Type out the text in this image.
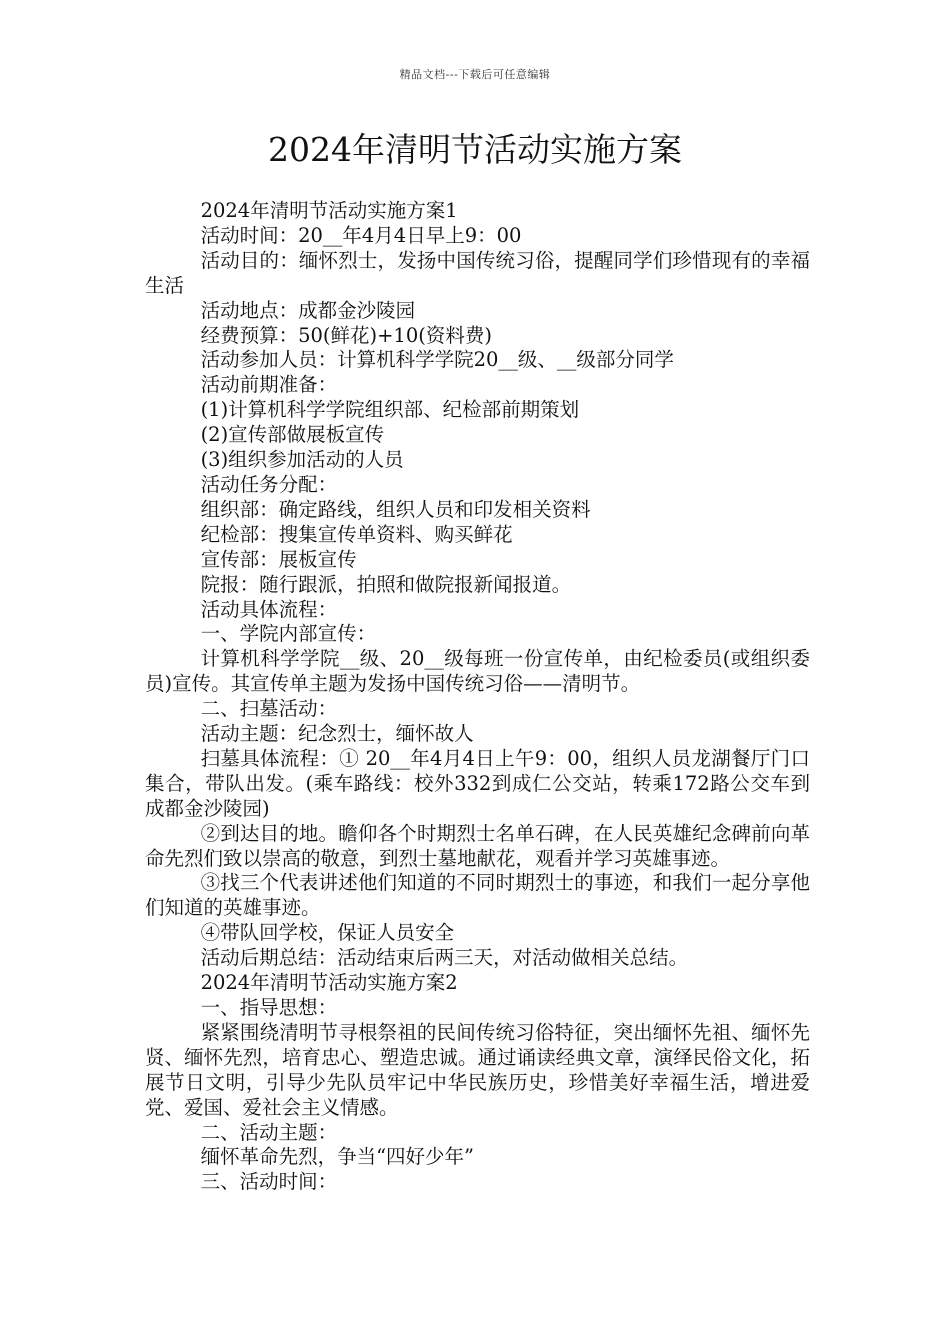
精品文档---下载后可任意编辑
2024年清明节活动实施方案

2024年清明节活动实施方案1

活动时间：20__年4月4日早上9：00

活动目的：缅怀烈士，发扬中国传统习俗，提醒同学们珍惜现有的幸福生活

活动地点：成都金沙陵园

经费预算：50(鲜花)+10(资料费)

活动参加人员：计算机科学学院20__级、__级部分同学

活动前期准备：

(1)计算机科学学院组织部、纪检部前期策划

(2)宣传部做展板宣传

(3)组织参加活动的人员

活动任务分配：

组织部：确定路线，组织人员和印发相关资料

纪检部：搜集宣传单资料、购买鲜花

宣传部：展板宣传

院报：随行跟派，拍照和做院报新闻报道。

活动具体流程：

一、学院内部宣传：

计算机科学学院__级、20__级每班一份宣传单，由纪检委员(或组织委员)宣传。其宣传单主题为发扬中国传统习俗——清明节。

二、扫墓活动：

活动主题：纪念烈士，缅怀故人

扫墓具体流程：① 20__年4月4日上午9：00，组织人员龙湖餐厅门口集合，带队出发。(乘车路线：校外332到成仁公交站，转乘172路公交车到成都金沙陵园)

②到达目的地。瞻仰各个时期烈士名单石碑，在人民英雄纪念碑前向革命先烈们致以崇高的敬意，到烈士墓地献花，观看并学习英雄事迹。

③找三个代表讲述他们知道的不同时期烈士的事迹，和我们一起分享他们知道的英雄事迹。

④带队回学校，保证人员安全

活动后期总结：活动结束后两三天，对活动做相关总结。

2024年清明节活动实施方案2

一、指导思想：

紧紧围绕清明节寻根祭祖的民间传统习俗特征，突出缅怀先祖、缅怀先贤、缅怀先烈，培育忠心、塑造忠诚。通过诵读经典文章，演绎民俗文化，拓展节日文明，引导少先队员牢记中华民族历史，珍惜美好幸福生活，增进爱党、爱国、爱社会主义情感。

二、活动主题：

缅怀革命先烈，争当“四好少年”

三、活动时间：
